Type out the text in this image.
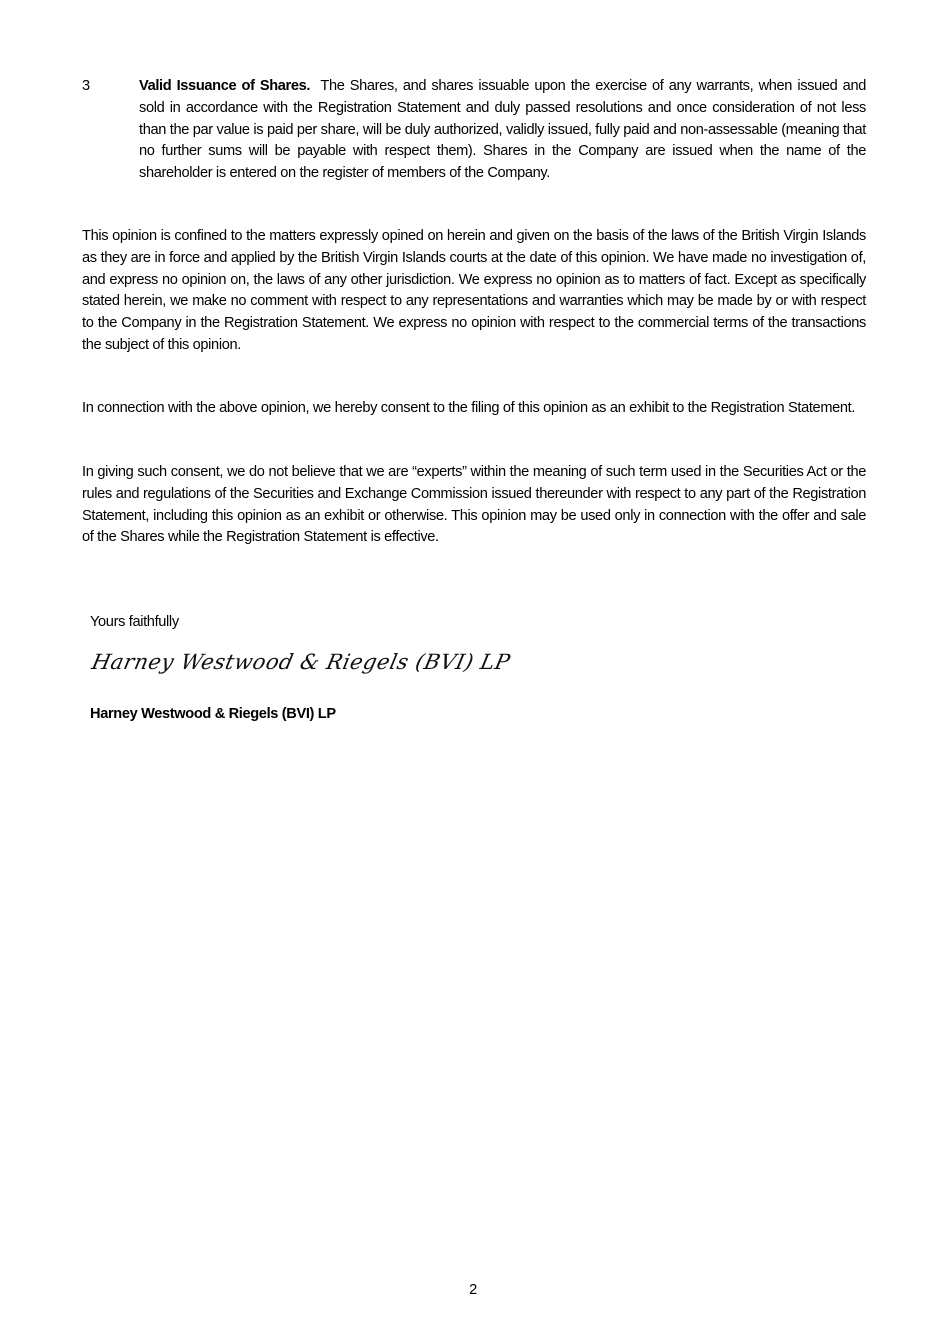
3	Valid Issuance of Shares. The Shares, and shares issuable upon the exercise of any warrants, when issued and sold in accordance with the Registration Statement and duly passed resolutions and once consideration of not less than the par value is paid per share, will be duly authorized, validly issued, fully paid and non-assessable (meaning that no further sums will be payable with respect them). Shares in the Company are issued when the name of the shareholder is entered on the register of members of the Company.
This opinion is confined to the matters expressly opined on herein and given on the basis of the laws of the British Virgin Islands as they are in force and applied by the British Virgin Islands courts at the date of this opinion. We have made no investigation of, and express no opinion on, the laws of any other jurisdiction. We express no opinion as to matters of fact. Except as specifically stated herein, we make no comment with respect to any representations and warranties which may be made by or with respect to the Company in the Registration Statement. We express no opinion with respect to the commercial terms of the transactions the subject of this opinion.
In connection with the above opinion, we hereby consent to the filing of this opinion as an exhibit to the Registration Statement.
In giving such consent, we do not believe that we are “experts” within the meaning of such term used in the Securities Act or the rules and regulations of the Securities and Exchange Commission issued thereunder with respect to any part of the Registration Statement, including this opinion as an exhibit or otherwise. This opinion may be used only in connection with the offer and sale of the Shares while the Registration Statement is effective.
Yours faithfully
Harney Westwood & Riegels (BVI) LP
Harney Westwood & Riegels (BVI) LP
2
